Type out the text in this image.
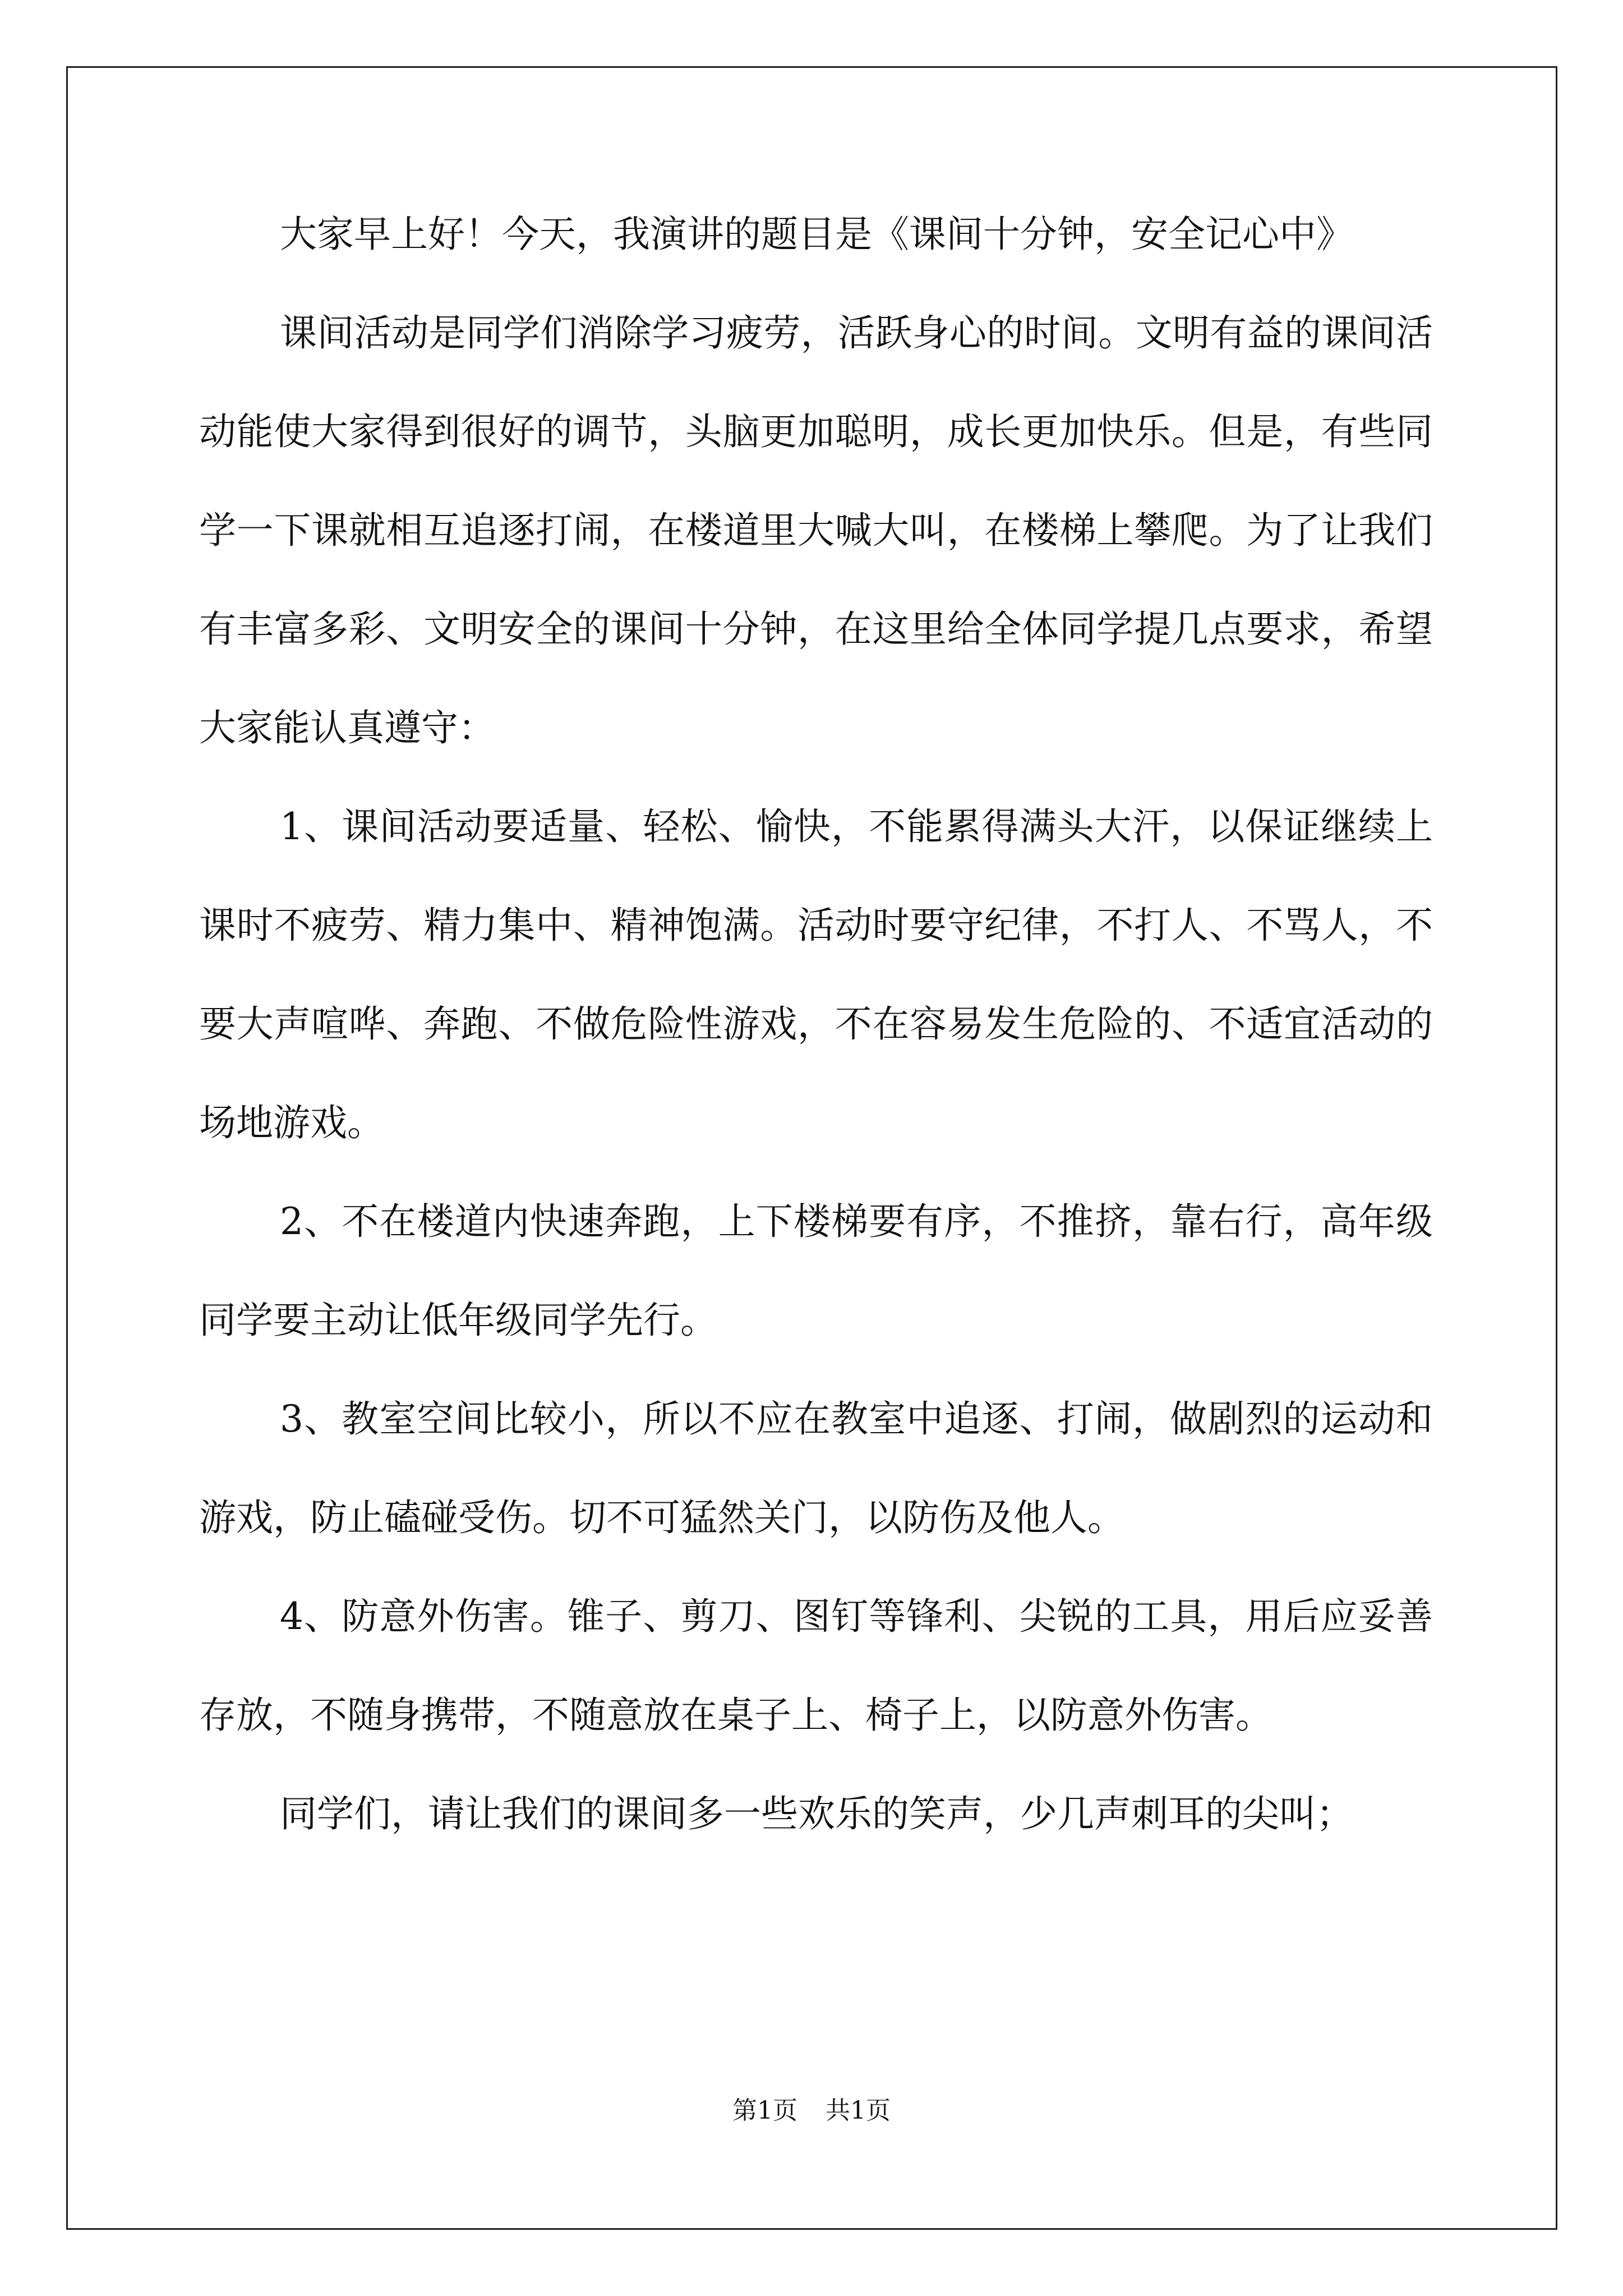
大家早上好！今天，我演讲的题目是《课间十分钟，安全记心中》

课间活动是同学们消除学习疲劳，活跃身心的时间。文明有益的课间活动能使大家得到很好的调节，头脑更加聪明，成长更加快乐。但是，有些同学一下课就相互追逐打闹，在楼道里大喊大叫，在楼梯上攀爬。为了让我们有丰富多彩、文明安全的课间十分钟，在这里给全体同学提几点要求，希望大家能认真遵守：

1、课间活动要适量、轻松、愉快，不能累得满头大汗，以保证继续上课时不疲劳、精力集中、精神饱满。活动时要守纪律，不打人、不骂人，不要大声喧哗、奔跑、不做危险性游戏，不在容易发生危险的、不适宜活动的场地游戏。

2、不在楼道内快速奔跑，上下楼梯要有序，不推挤，靠右行，高年级同学要主动让低年级同学先行。

3、教室空间比较小，所以不应在教室中追逐、打闹，做剧烈的运动和游戏，防止磕碰受伤。切不可猛然关门，以防伤及他人。

4、防意外伤害。锥子、剪刀、图钉等锋利、尖锐的工具，用后应妥善存放，不随身携带，不随意放在桌子上、椅子上，以防意外伤害。

同学们，请让我们的课间多一些欢乐的笑声，少几声刺耳的尖叫；

第1页 共1页
